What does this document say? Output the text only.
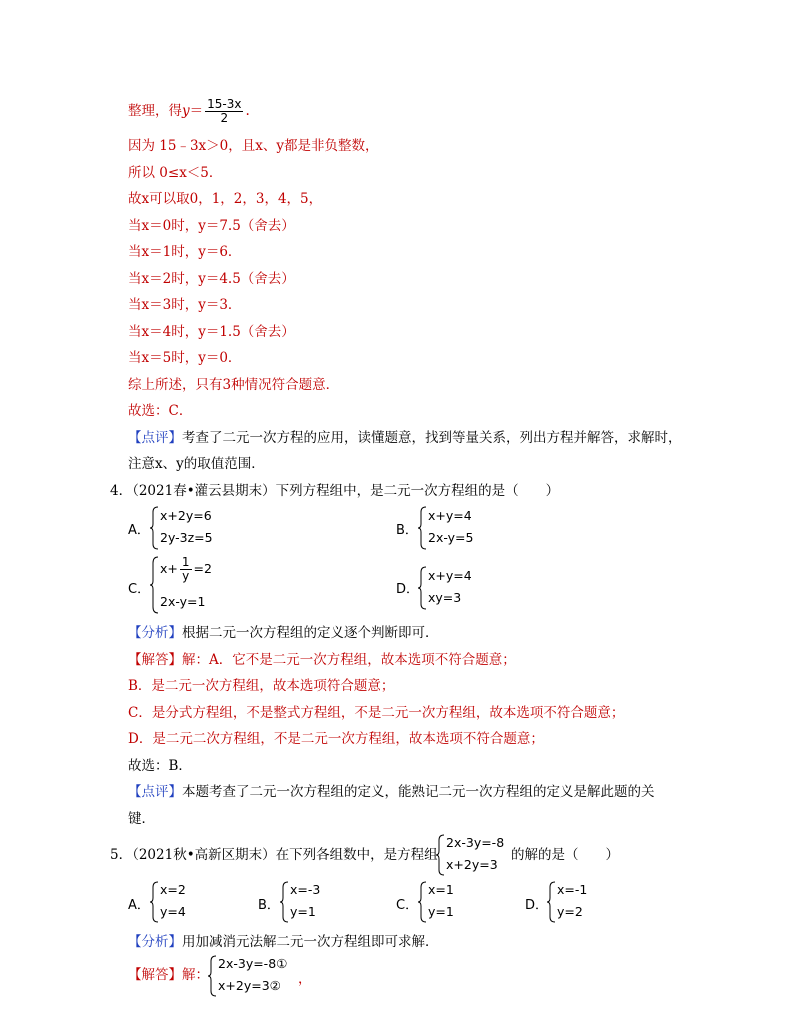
整理，得$y= \frac{15-3x}{2}$ .
因为 15﹣3x＞0，且x、y都是非负整数，
所以 0≤x＜5．
故x可以取0，1，2，3，4，5，
当x＝0时，y＝7.5（舍去）
当x＝1时，y＝6．
当x＝2时，y＝4.5（舍去）
当x＝3时，y＝3．
当x＝4时，y＝1.5（舍去）
当x＝5时，y＝0．
综上所述，只有3种情况符合题意．
故选：C．
【点评】考查了二元一次方程的应用，读懂题意，找到等量关系，列出方程并解答，求解时，
注意x、y的取值范围．
4．（2021春•灌云县期末）下列方程组中，是二元一次方程组的是（　　）
A．
x+2y=6
2y-3z=5	B．
x+y=4
2x-y=5
C．
$x+ \frac{1}{y} =2$
2x-y=1
D．
x+y=4
xy=3
【分析】根据二元一次方程组的定义逐个判断即可．
【解答】解：A．它不是二元一次方程组，故本选项不符合题意；
B．是二元一次方程组，故本选项符合题意；
C．是分式方程组，不是整式方程组，不是二元一次方程组，故本选项不符合题意；
D．是二元二次方程组，不是二元一次方程组，故本选项不符合题意；
故选：B．
【点评】本题考查了二元一次方程组的定义，能熟记二元一次方程组的定义是解此题的关
键．
5．（2021秋•高新区期末）在下列各组数中，是方程组
2x-3y=-8
x+2y=3
的解的是（　　）
A．
x=2
y=4	B．
x=-3
y=1	C．
x=1
y=1	D．
x=-1
y=2
【分析】用加减消元法解二元一次方程组即可求解．
【解答】解：
2x-3y=-8①
x+2y=3② ，
